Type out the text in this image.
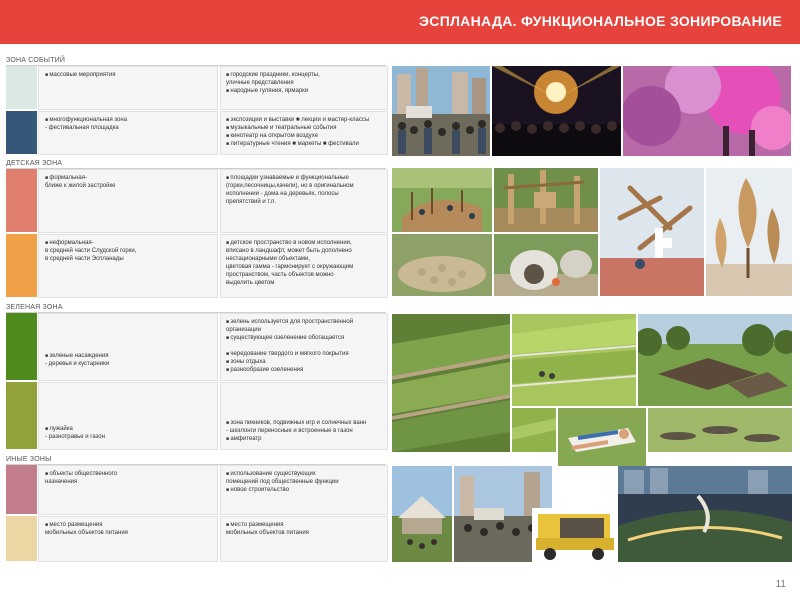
ЭСПЛАНАДА. ФУНКЦИОНАЛЬНОЕ ЗОНИРОВАНИЕ
ЗОНА СОБЫТИЙ
■ массовые мероприятия
■	городские праздники, концерты,
уличные представления
■ народные гуляния, ярмарки
■ многофункциональная зона
- фестивальная площадка
■ экспозиции и выставки ■ лекции и мастер-классы
■ музыкальные и театральные события
■ кинотеатр на открытом воздухе
■ литературные чтения ■ маркеты ■ фестивали
ДЕТСКАЯ ЗОНА
■ формальная-
ближе к жилой застройке
■ площадки узнаваемые и функциональные
(горки,песочницы,качели), но в оригинальном
исполнении - дома на деревьях, полосы
препятствий и т.п.
■ неформальная-
в средней части Слудской горки,
в средней части Эспланады
■ детское пространство в новом исполнении,
вписано в ландшафт, может быть дополнено
нестационарными объектами,
цветовая гамма - гармонирует с окружающим
пространством, часть объектов можно
выделить цветом
ЗЕЛЕНАЯ ЗОНА
■ зеленые насаждения
- деревья и кустарники
■ зелень используется для пространственной
организации
■ существующее озеленение обогащается
■ чередование твердого и мягкого покрытия
■ зоны отдыха
■ разнообразие озеленения
■ лужайка
- разнотравье и газон
■ зона пикников, подвижных игр и солнечных ванн
- шезлонги переносные и встроенные в газон
■ амфитеатр
ИНЫЕ ЗОНЫ
■ объекты общественного
назначения
■ использование существующих
помещений под общественные функции
■ новое строительство
■ место размещения
мобильных объектов питания
■ место размещения
мобильных объектов питания
11
